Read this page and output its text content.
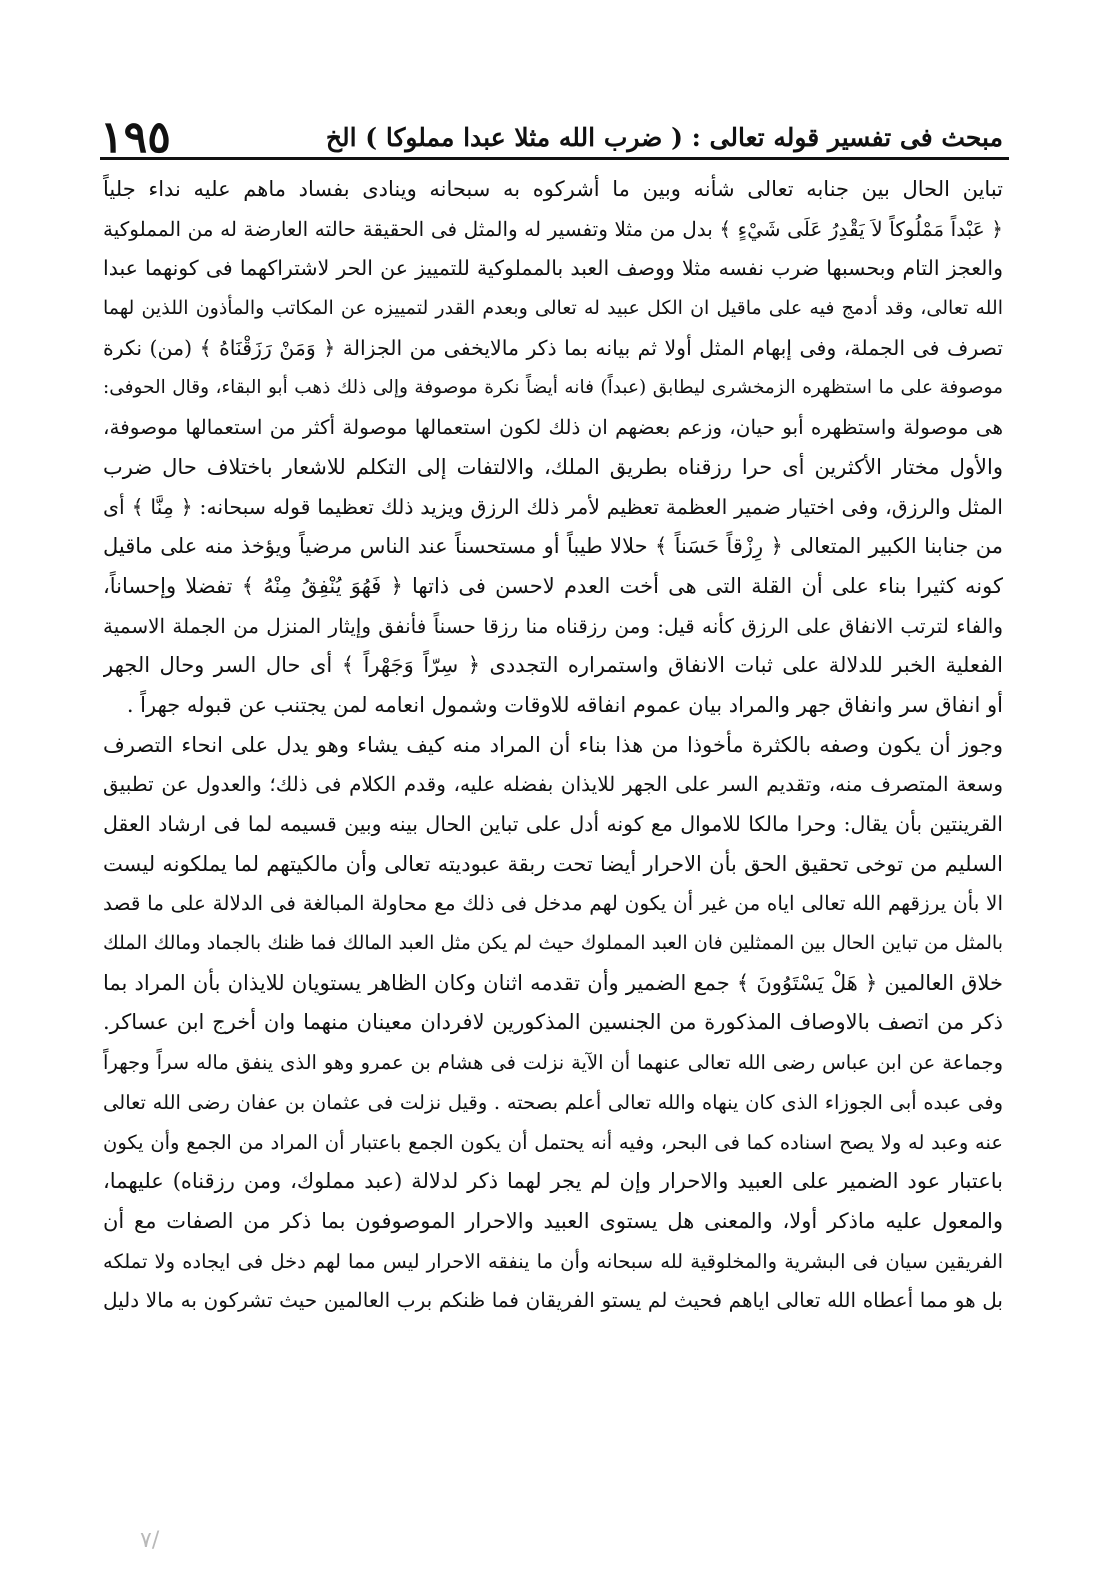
مبحث فى تفسير قوله تعالى : ( ضرب الله مثلا عبدا مملوكا ) الخ
١٩٥
تباين الحال بين جنابه تعالى شأنه وبين ما أشركوه به سبحانه وينادى بفساد ماهم عليه نداء جلياً
﴿ عَبْداً مَمْلُوكاً لاَ يَقْدِرُ عَلَى شَيْءٍ ﴾ بدل من مثلا وتفسير له والمثل فى الحقيقة حالته العارضة له من المملوكية
والعجز التام وبحسبها ضرب نفسه مثلا ووصف العبد بالمملوكية للتمييز عن الحر لاشتراكهما فى كونهما عبدا
الله تعالى، وقد أدمج فيه على ماقيل ان الكل عبيد له تعالى وبعدم القدر لتمييزه عن المكاتب والمأذون اللذين لهما
تصرف فى الجملة، وفى إبهام المثل أولا ثم بيانه بما ذكر مالايخفى من الجزالة ﴿ وَمَنْ رَزَقْنَاهُ ﴾ (من) نكرة
موصوفة على ما استظهره الزمخشرى ليطابق (عبداً) فانه أيضاً نكرة موصوفة وإلى ذلك ذهب أبو البقاء، وقال الحوفى:
هى موصولة واستظهره أبو حيان، وزعم بعضهم ان ذلك لكون استعمالها موصولة أكثر من استعمالها موصوفة،
والأول مختار الأكثرين أى حرا رزقناه بطريق الملك، والالتفات إلى التكلم للاشعار باختلاف حال ضرب
المثل والرزق، وفى اختيار ضمير العظمة تعظيم لأمر ذلك الرزق ويزيد ذلك تعظيما قوله سبحانه: ﴿ مِنَّا ﴾ أى
من جنابنا الكبير المتعالى ﴿ رِزْقاً حَسَناً ﴾ حلالا طيباً أو مستحسناً عند الناس مرضياً ويؤخذ منه على ماقيل
كونه كثيرا بناء على أن القلة التى هى أخت العدم لاحسن فى ذاتها ﴿ فَهُوَ يُنْفِقُ مِنْهُ ﴾ تفضلا وإحساناً،
والفاء لترتب الانفاق على الرزق كأنه قيل: ومن رزقناه منا رزقا حسناً فأنفق وإيثار المنزل من الجملة الاسمية
الفعلية الخبر للدلالة على ثبات الانفاق واستمراره التجددى ﴿ سِرّاً وَجَهْراً ﴾ أى حال السر وحال الجهر
أو انفاق سر وانفاق جهر والمراد بيان عموم انفاقه للاوقات وشمول انعامه لمن يجتنب عن قبوله جهراً .
وجوز أن يكون وصفه بالكثرة مأخوذا من هذا بناء أن المراد منه كيف يشاء وهو يدل على انحاء التصرف
وسعة المتصرف منه، وتقديم السر على الجهر للايذان بفضله عليه، وقدم الكلام فى ذلك؛ والعدول عن تطبيق
القرينتين بأن يقال: وحرا مالكا للاموال مع كونه أدل على تباين الحال بينه وبين قسيمه لما فى ارشاد العقل
السليم من توخى تحقيق الحق بأن الاحرار أيضا تحت ربقة عبوديته تعالى وأن مالكيتهم لما يملكونه ليست
الا بأن يرزقهم الله تعالى اياه من غير أن يكون لهم مدخل فى ذلك مع محاولة المبالغة فى الدلالة على ما قصد
بالمثل من تباين الحال بين الممثلين فان العبد المملوك حيث لم يكن مثل العبد المالك فما ظنك بالجماد ومالك الملك
خلاق العالمين ﴿ هَلْ يَسْتَوُونَ ﴾ جمع الضمير وأن تقدمه اثنان وكان الظاهر يستويان للايذان بأن المراد بما
ذكر من اتصف بالاوصاف المذكورة من الجنسين المذكورين لافردان معينان منهما وان أخرج ابن عساكر.
وجماعة عن ابن عباس رضى الله تعالى عنهما أن الآية نزلت فى هشام بن عمرو وهو الذى ينفق ماله سراً وجهراً
وفى عبده أبى الجوزاء الذى كان ينهاه والله تعالى أعلم بصحته . وقيل نزلت فى عثمان بن عفان رضى الله تعالى
عنه وعبد له ولا يصح اسناده كما فى البحر، وفيه أنه يحتمل أن يكون الجمع باعتبار أن المراد من الجمع وأن يكون
باعتبار عود الضمير على العبيد والاحرار وإن لم يجر لهما ذكر لدلالة (عبد مملوك، ومن رزقناه) عليهما،
والمعول عليه ماذكر أولا، والمعنى هل يستوى العبيد والاحرار الموصوفون بما ذكر من الصفات مع أن
الفريقين سيان فى البشرية والمخلوقية لله سبحانه وأن ما ينفقه الاحرار ليس مما لهم دخل فى ايجاده ولا تملكه
بل هو مما أعطاه الله تعالى اياهم فحيث لم يستو الفريقان فما ظنكم برب العالمين حيث تشركون به مالا دليل
/٧
